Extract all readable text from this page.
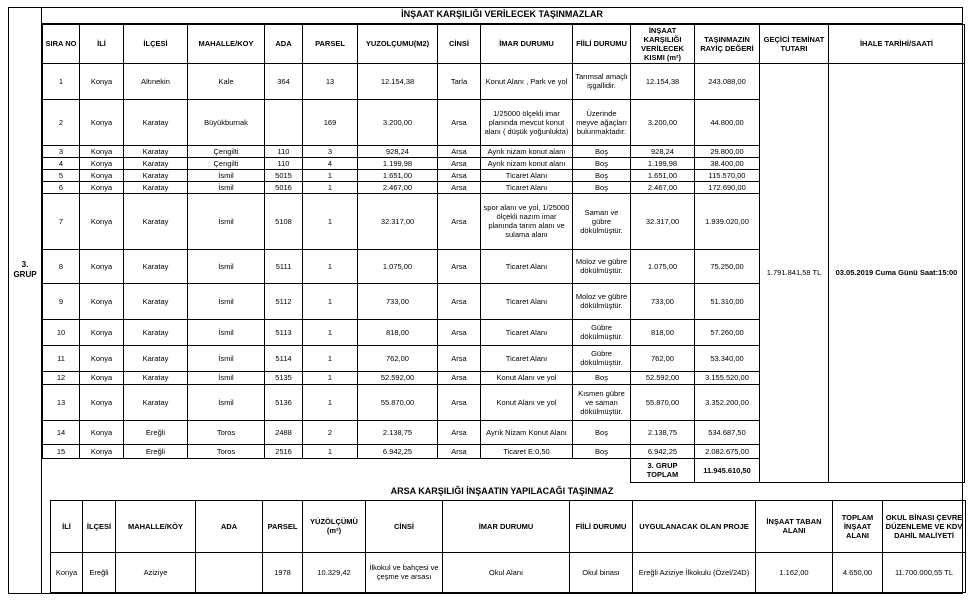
3. GRUP
İNŞAAT KARŞILIĞI VERİLECEK TAŞINMAZLAR
SIRA NO	İLİ	İLÇESİ	MAHALLE/KOY	ADA	PARSEL	YUZOLÇUMU(M2)	CİNSİ	İMAR DURUMU	FİİLİ DURUMU	İNŞAAT KARŞILIĞI VERİLECEK KISMI (m²)	TAŞINMAZIN RAYİÇ DEĞERİ	GEÇİCİ TEMİNAT TUTARI	İHALE TARİHİ/SAATİ
1	Konya	Altınekin	Kale	364	13	12.154,38	Tarla	Konut Alanı , Park ve yol	Tarımsal amaçlı işgallidir.	12.154,38	243.088,00	1.791.841,58 TL	03.05.2019 Cuma Günü Saat:15:00
2	Konya	Karatay	Büyükburnak		169	3.200,00	Arsa	1/25000 ölçekli imar planında mevcut konut alanı ( düşük yoğunlukta)	Üzerinde meyve ağaçları bulunmaktadır.	3.200,00	44.800,00		
3	Konya	Karatay	Çengilti	110	3	928,24	Arsa	Ayrık nizam konut alanı	Boş	928,24	29.800,00		
4	Konya	Karatay	Çengilti	110	4	1.199,98	Arsa	Ayrık nizam konut alanı	Boş	1.199,98	38.400,00		
5	Konya	Karatay	İsmil	5015	1	1.651,00	Arsa	Ticaret Alanı	Boş	1.651,00	115.570,00		
6	Konya	Karatay	İsmil	5016	1	2.467,00	Arsa	Ticaret Alanı	Boş	2.467,00	172.690,00		
7	Konya	Karatay	İsmil	5108	1	32.317,00	Arsa	spor alanı ve yol, 1/25000 ölçekli nazım imar planında tarım alanı ve sulama alanı	Saman ve gübre dökülmüştür.	32.317,00	1.939.020,00		
8	Konya	Karatay	İsmil	5111	1	1.075,00	Arsa	Ticaret Alanı	Moloz ve gübre dökülmüştür.	1.075,00	75.250,00		
9	Konya	Karatay	İsmil	5112	1	733,00	Arsa	Ticaret Alanı	Moloz ve gübre dökülmüştür.	733,00	51.310,00		
10	Konya	Karatay	İsmil	5113	1	818,00	Arsa	Ticaret Alanı	Gübre dökülmüştür.	818,00	57.260,00		
11	Konya	Karatay	İsmil	5114	1	762,00	Arsa	Ticaret Alanı	Gübre dökülmüştür.	762,00	53.340,00		
12	Konya	Karatay	İsmil	5135	1	52.592,00	Arsa	Konut Alanı ve yol	Boş	52.592,00	3.155.520,00		
13	Konya	Karatay	İsmil	5136	1	55.870,00	Arsa	Konut Alanı ve yol	Kısmen gübre ve saman dökülmüştür.	55.870,00	3.352.200,00		
14	Konya	Ereğli	Toros	2488	2	2.138,75	Arsa	Ayrık Nizam Konut Alanı	Boş	2.138,75	534.687,50		
15	Konya	Ereğli	Toros	2516	1	6.942,25	Arsa	Ticaret E:0,50	Boş	6.942,25	2.082.675,00		
										3. GRUP TOPLAM	11.945.610,50		
ARSA KARŞILIĞI İNŞAATIN YAPILACAĞI TAŞINMAZ
İLİ	İLÇESİ	MAHALLE/KÖY	ADA	PARSEL	YÜZÖLÇÜMÜ (m²)	CİNSİ	İMAR DURUMU	FİİLİ DURUMU	UYGULANACAK OLAN PROJE	İNŞAAT TABAN ALANI	TOPLAM İNŞAAT ALANI	OKUL BİNASI ÇEVRE DÜZENLEME VE KDV DAHİL MALİYETİ
Konya	Ereğli	Aziziye		1978	10.329,42	İlkokul ve bahçesi ve çeşme ve arsası	Okul Alanı	Okul binası	Ereğli Aziziye İlkokulu (Özel/24D)	1.162,00	4.650,00	11.700.000,55 TL
